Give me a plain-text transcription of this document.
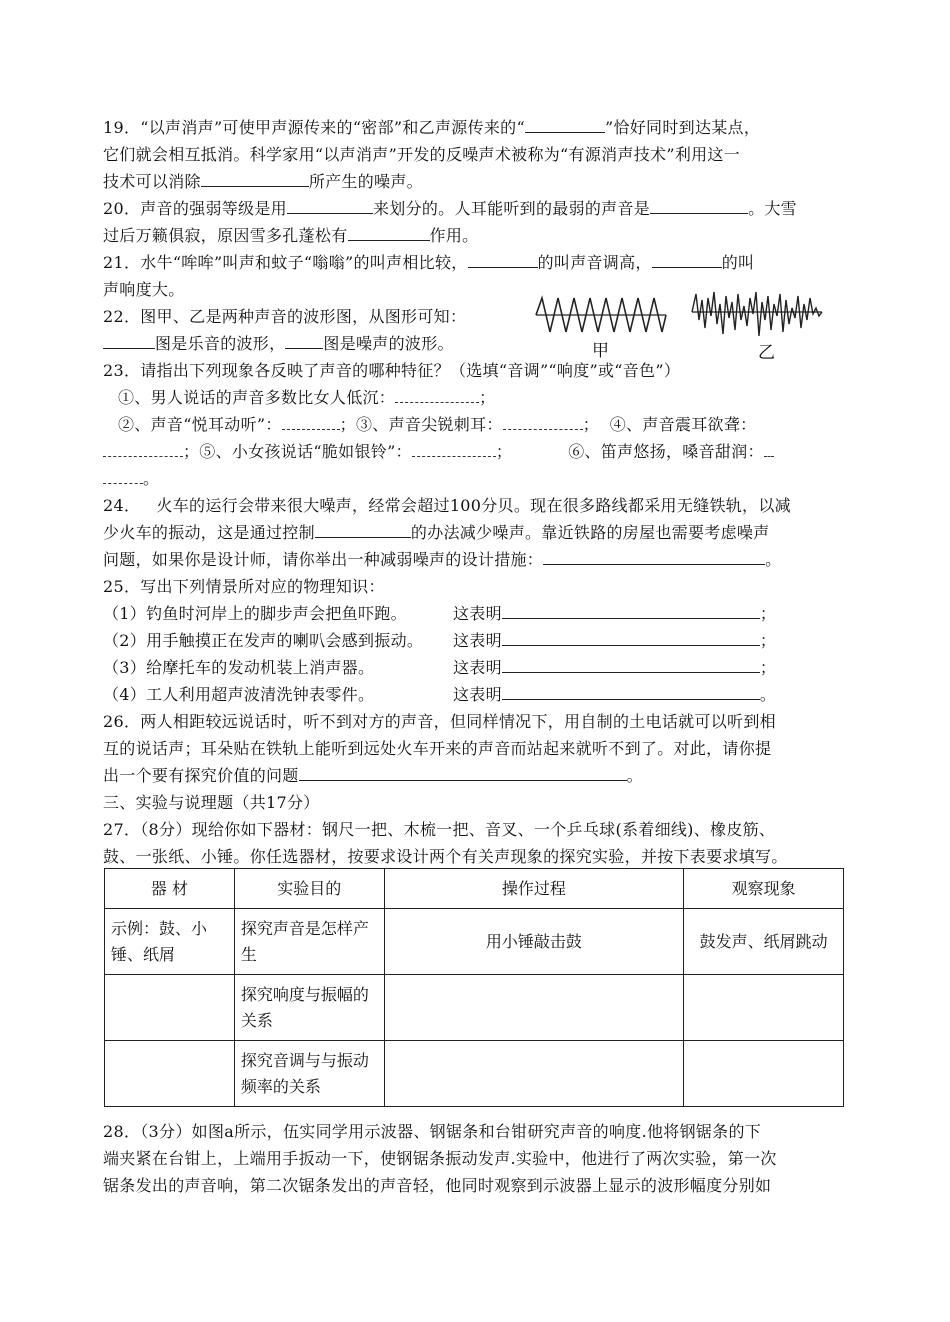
19．“以声消声”可使甲声源传来的“密部”和乙声源传来的“	”恰好同时到达某点，
它们就会相互抵消。科学家用“以声消声”开发的反噪声术被称为“有源消声技术”利用这一
技术可以消除	所产生的噪声。
20．声音的强弱等级是用	来划分的。人耳能听到的最弱的声音是	。大雪
过后万籁俱寂，原因雪多孔蓬松有	作用。
21．水牛“哞哞”叫声和蚊子“嗡嗡”的叫声相比较，	的叫声音调高，	的叫
声响度大。
22．图甲、乙是两种声音的波形图，从图形可知：
图是乐音的波形， 图是噪声的波形。	甲	乙
23．请指出下列现象各反映了声音的哪种特征？（选填“音调”“响度”或“音色”）
①、男人说话的声音多数比女人低沉：	；
②、声音“悦耳动听”：	；③、声音尖锐刺耳：	；  ④、声音震耳欲聋：
；⑤、小女孩说话“脆如银铃”：	；	⑥、笛声悠扬，嗓音甜润：
。
24．   火车的运行会带来很大噪声，经常会超过100分贝。现在很多路线都采用无缝铁轨，以减
少火车的振动，这是通过控制	的办法减少噪声。靠近铁路的房屋也需要考虑噪声
问题，如果你是设计师，请你举出一种减弱噪声的设计措施：	。
25．写出下列情景所对应的物理知识：
（1）钓鱼时河岸上的脚步声会把鱼吓跑。	这表明	；
（2）用手触摸正在发声的喇叭会感到振动。 这表明	；
（3）给摩托车的发动机装上消声器。	这表明	；
（4）工人利用超声波清洗钟表零件。	这表明	。
26．两人相距较远说话时，听不到对方的声音，但同样情况下，用自制的土电话就可以听到相
互的说话声；耳朵贴在铁轨上能听到远处火车开来的声音而站起来就听不到了。对此，请你提
出一个要有探究价值的问题	。
三、实验与说理题（共17分）
27．（8分）现给你如下器材：钢尺一把、木梳一把、音叉、一个乒乓球(系着细线)、橡皮筋、
鼓、一张纸、小锤。你任选器材，按要求设计两个有关声现象的探究实验，并按下表要求填写。
器 材	实验目的	操作过程	观察现象
示例：鼓、小锤、纸屑	探究声音是怎样产生	用小锤敲击鼓	鼓发声、纸屑跳动
	探究响度与振幅的关系		
	探究音调与与振动频率的关系		
28．（3分）如图a所示，伍实同学用示波器、钢锯条和台钳研究声音的响度.他将钢锯条的下
端夹紧在台钳上，上端用手扳动一下，使钢锯条振动发声.实验中，他进行了两次实验，第一次
锯条发出的声音响，第二次锯条发出的声音轻，他同时观察到示波器上显示的波形幅度分别如
